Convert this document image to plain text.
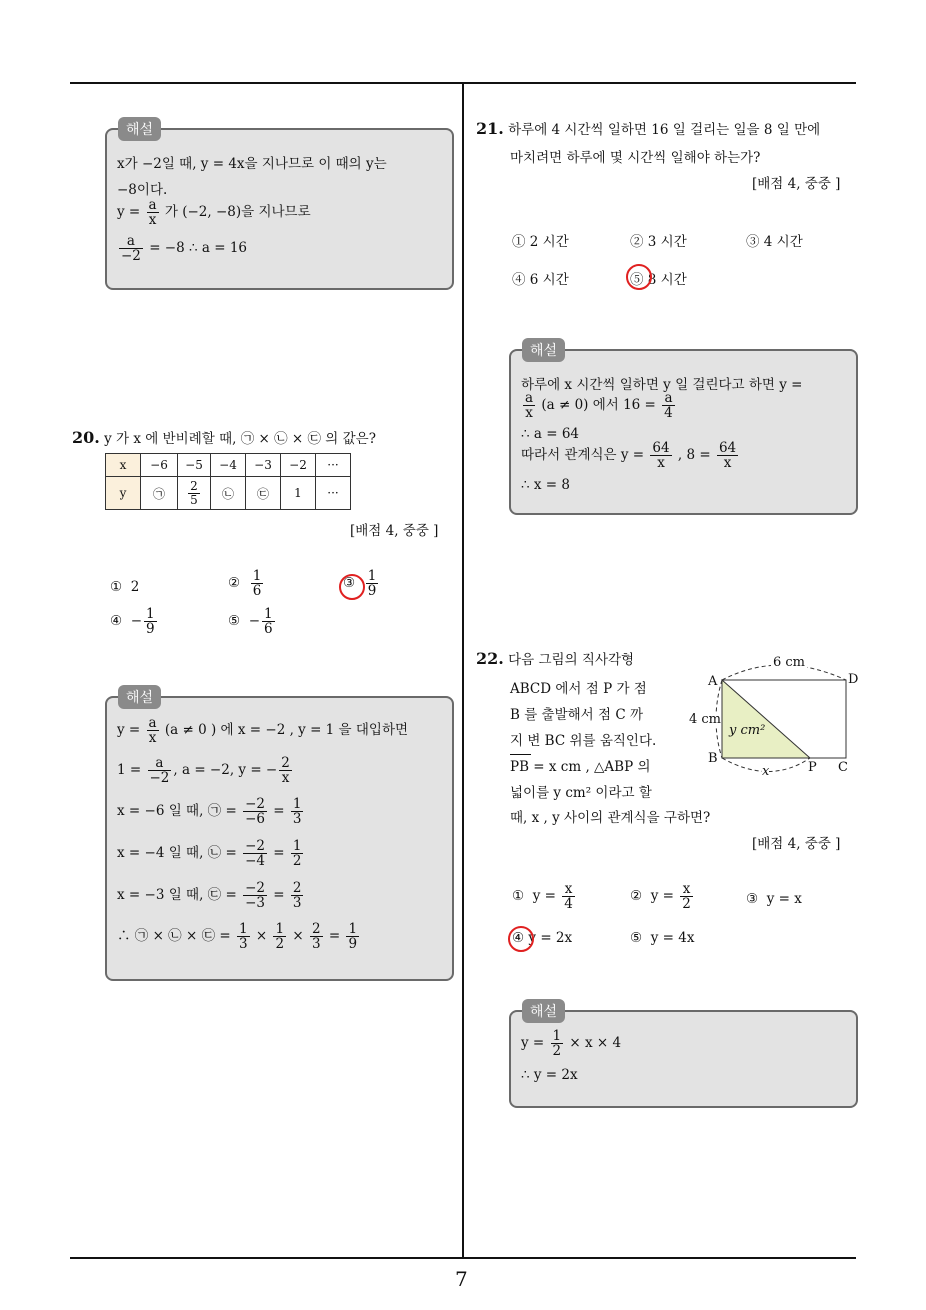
7
해설
x가 −2일 때, y = 4x을 지나므로 이 때의 y는
−8이다.
$y = \frac{a}{x}$ 가 (−2, −8)을 지나므로
$\frac{a}{-2} = -8$ ∴ a = 16
20. y 가 x 에 반비례할 때, ㉠ × ㉡ × ㉢ 의 값은?
x	−6	−5	−4	−3	−2	···
y	㉠	$\frac{2}{5}$	㉡	㉢	1	···
[배점 4, 중중 ]
① 2	② $\frac{1}{6}$	③ $\frac{1}{9}$
④ − $\frac{1}{9}$	⑤ − $\frac{1}{6}$
해설
$y = \frac{a}{x} (a \ne 0$ ) 에 x = −2 , y = 1 을 대입하면
$1 = \frac{a}{-2}$ , a = −2, y = − $\frac{2}{x}$
x = −6 일 때, ㉠ = $\frac{-2}{-6} = \frac{1}{3}$
x = −4 일 때, ㉡ = $\frac{-2}{-4} = \frac{1}{2}$
x = −3 일 때, ㉢ = $\frac{-2}{-3} = \frac{2}{3}$
∴ ㉠ × ㉡ × ㉢ = $\frac{1}{3} \times \frac{1}{2} \times \frac{2}{3} = \frac{1}{9}$
21. 하루에 4 시간씩 일하면 16 일 걸리는 일을 8 일 만에
마치려면 하루에 몇 시간씩 일해야 하는가?
[배점 4, 중중 ]
① 2 시간	② 3 시간	③ 4 시간
④ 6 시간	⑤ 8 시간
해설
하루에 x 시간씩 일하면 y 일 걸린다고 하면 y =
$\frac{a}{x} (a \ne 0)$ 에서 $16 = \frac{a}{4}$
∴ a = 64
따라서 관계식은 $y = \frac{64}{x}$ , $8 = \frac{64}{x}$
∴ x = 8
22. 다음 그림의 직사각형
ABCD 에서 점 P 가 점
B 를 출발해서 점 C 까
지 변 BC 위를 움직인다.
PB = x cm , △ABP 의
넓이를 y cm² 이라고 할
때, x , y 사이의 관계식을 구하면?
A	D
B
P C
6 cm
4 cm
y cm²
x
[배점 4, 중중 ]
① $y = \frac{x}{4}$	② $y = \frac{x}{2}$	③ y = x
④ y = 2x	⑤ y = 4x
해설
$y = \frac{1}{2} \times x \times 4$
∴ y = 2x
